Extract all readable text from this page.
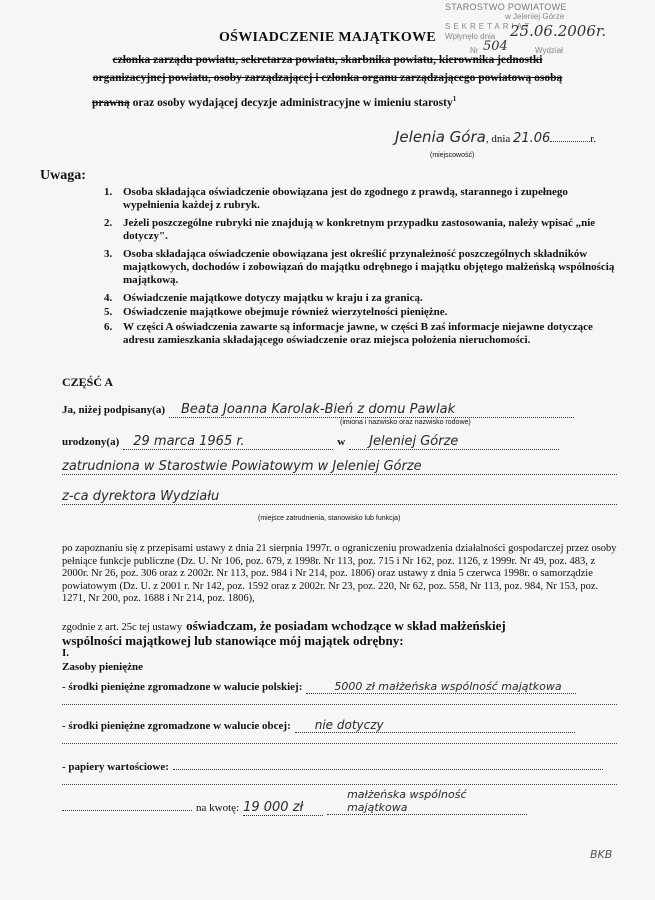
STAROSTWO POWIATOWE
w Jeleniej Górze
SEKRETARIAT
Wpłynęło dnia 25.06.2006r.
Nr 504	Wydział
OŚWIADCZENIE MAJĄTKOWE
członka zarządu powiatu, sekretarza powiatu, skarbnika powiatu, kierownika jednostki
organizacyjnej powiatu, osoby zarządzającej i członka organu zarządzającego powiatową osobą
prawną oraz osoby wydającej decyzje administracyjne w imieniu starosty$^1$
Jelenia Góra, dnia 21.06	r.
(miejscowość)
Uwaga:
1. Osoba składająca oświadczenie obowiązana jest do zgodnego z prawdą, starannego i zupełnego wypełnienia każdej z rubryk.
2. Jeżeli poszczególne rubryki nie znajdują w konkretnym przypadku zastosowania, należy wpisać „nie dotyczy".
3. Osoba składająca oświadczenie obowiązana jest określić przynależność poszczególnych składników majątkowych, dochodów i zobowiązań do majątku odrębnego i majątku objętego małżeńską wspólnością majątkową.
4. Oświadczenie majątkowe dotyczy majątku w kraju i za granicą.
5. Oświadczenie majątkowe obejmuje również wierzytelności pieniężne.
6. W części A oświadczenia zawarte są informacje jawne, w części B zaś informacje niejawne dotyczące adresu zamieszkania składającego oświadczenie oraz miejsca położenia nieruchomości.
CZĘŚĆ A
Ja, niżej podpisany(a) Beata Joanna Karolak-Bień z domu Pawlak
(imiona i nazwisko oraz nazwisko rodowe)
urodzony(a) 29 marca 1965 r.	w Jeleniej Górze
zatrudniona w Starostwie Powiatowym w Jeleniej Górze
z-ca dyrektora Wydziału
(miejsce zatrudnienia, stanowisko lub funkcja)
po zapoznaniu się z przepisami ustawy z dnia 21 sierpnia 1997r. o ograniczeniu prowadzenia działalności gospodarczej przez osoby pełniące funkcje publiczne (Dz. U. Nr 106, poz. 679, z 1998r. Nr 113, poz. 715 i Nr 162, poz. 1126, z 1999r. Nr 49, poz. 483, z 2000r. Nr 26, poz. 306 oraz z 2002r. Nr 113, poz. 984 i Nr 214, poz. 1806) oraz ustawy z dnia 5 czerwca 1998r. o samorządzie powiatowym (Dz. U. z 2001 r. Nr 142, poz. 1592 oraz z 2002r. Nr 23, poz. 220, Nr 62, poz. 558, Nr 113, poz. 984, Nr 153, poz. 1271, Nr 200, poz. 1688 i Nr 214, poz. 1806),
zgodnie z art. 25c tej ustawy oświadczam, że posiadam wchodzące w skład małżeńskiej
wspólności majątkowej lub stanowiące mój majątek odrębny:
I.
Zasoby pieniężne
- środki pieniężne zgromadzone w walucie polskiej:	5000 zł małżeńska wspólność majątkowa
- środki pieniężne zgromadzone w walucie obcej: nie dotyczy
- papiery wartościowe:
na kwotę: 19 000 zł małżeńska wspólność majątkowa
BKB
